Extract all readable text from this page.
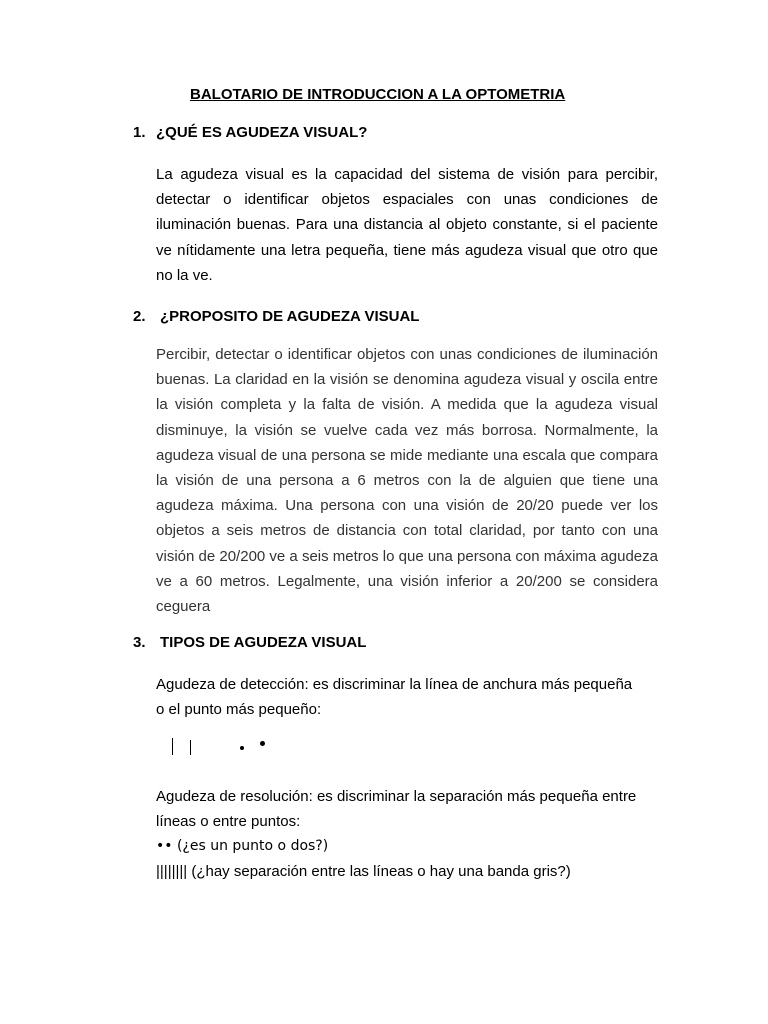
BALOTARIO DE INTRODUCCION A LA OPTOMETRIA
1. ¿QUÉ ES AGUDEZA VISUAL?
La agudeza visual es la capacidad del sistema de visión para percibir, detectar o identificar objetos espaciales con unas condiciones de iluminación buenas. Para una distancia al objeto constante, si el paciente ve nítidamente una letra pequeña, tiene más agudeza visual que otro que no la ve.
2. ¿PROPOSITO DE AGUDEZA VISUAL
Percibir, detectar o identificar objetos con unas condiciones de iluminación buenas. La claridad en la visión se denomina agudeza visual y oscila entre la visión completa y la falta de visión. A medida que la agudeza visual disminuye, la visión se vuelve cada vez más borrosa. Normalmente, la agudeza visual de una persona se mide mediante una escala que compara la visión de una persona a 6 metros con la de alguien que tiene una agudeza máxima. Una persona con una visión de 20/20 puede ver los objetos a seis metros de distancia con total claridad, por tanto con una visión de 20/200 ve a seis metros lo que una persona con máxima agudeza ve a 60 metros. Legalmente, una visión inferior a 20/200 se considera ceguera
3. TIPOS DE AGUDEZA VISUAL
Agudeza de detección: es discriminar la línea de anchura más pequeña
o el punto más pequeño:
Agudeza de resolución: es discriminar la separación más pequeña entre
líneas o entre puntos:
•• (¿es un punto o dos?)
|||||||| (¿hay separación entre las líneas o hay una banda gris?)
